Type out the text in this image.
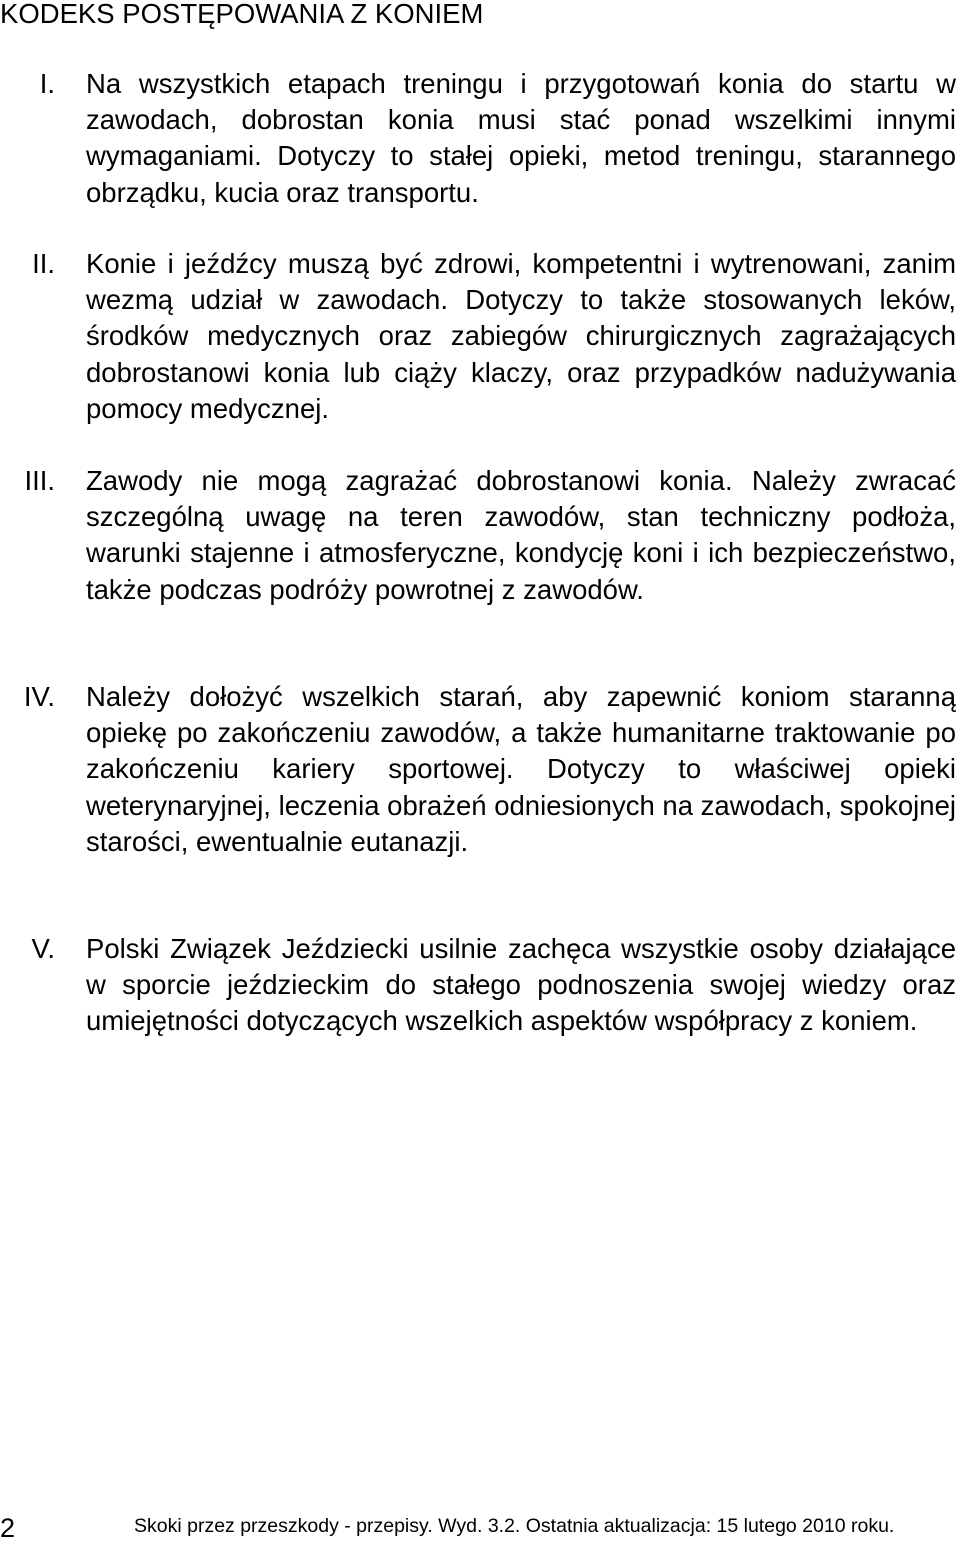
KODEKS POSTĘPOWANIA Z KONIEM
I. Na wszystkich etapach treningu i przygotowań konia do startu w zawodach, dobrostan konia musi stać ponad wszelkimi innymi wymaganiami. Dotyczy to stałej opieki, metod treningu, starannego obrządku, kucia oraz transportu.
II. Konie i jeźdźcy muszą być zdrowi, kompetentni i wytrenowani, zanim wezmą udział w zawodach. Dotyczy to także stosowanych leków, środków medycznych oraz zabiegów chirurgicznych zagrażających dobrostanowi konia lub ciąży klaczy, oraz przypadków nadużywania pomocy medycznej.
III. Zawody nie mogą zagrażać dobrostanowi konia. Należy zwracać szczególną uwagę na teren zawodów, stan techniczny podłoża, warunki stajenne i atmosferyczne, kondycję koni i ich bezpieczeństwo, także podczas podróży powrotnej z zawodów.
IV. Należy dołożyć wszelkich starań, aby zapewnić koniom staranną opiekę po zakończeniu zawodów, a także humanitarne traktowanie po zakończeniu kariery sportowej. Dotyczy to właściwej opieki weterynaryjnej, leczenia obrażeń odniesionych na zawodach, spokojnej starości, ewentualnie eutanazji.
V. Polski Związek Jeździecki usilnie zachęca wszystkie osoby działające w sporcie jeździeckim do stałego podnoszenia swojej wiedzy oraz umiejętności dotyczących wszelkich aspektów współpracy z koniem.
2	Skoki przez przeszkody - przepisy. Wyd. 3.2. Ostatnia aktualizacja: 15 lutego 2010 roku.
